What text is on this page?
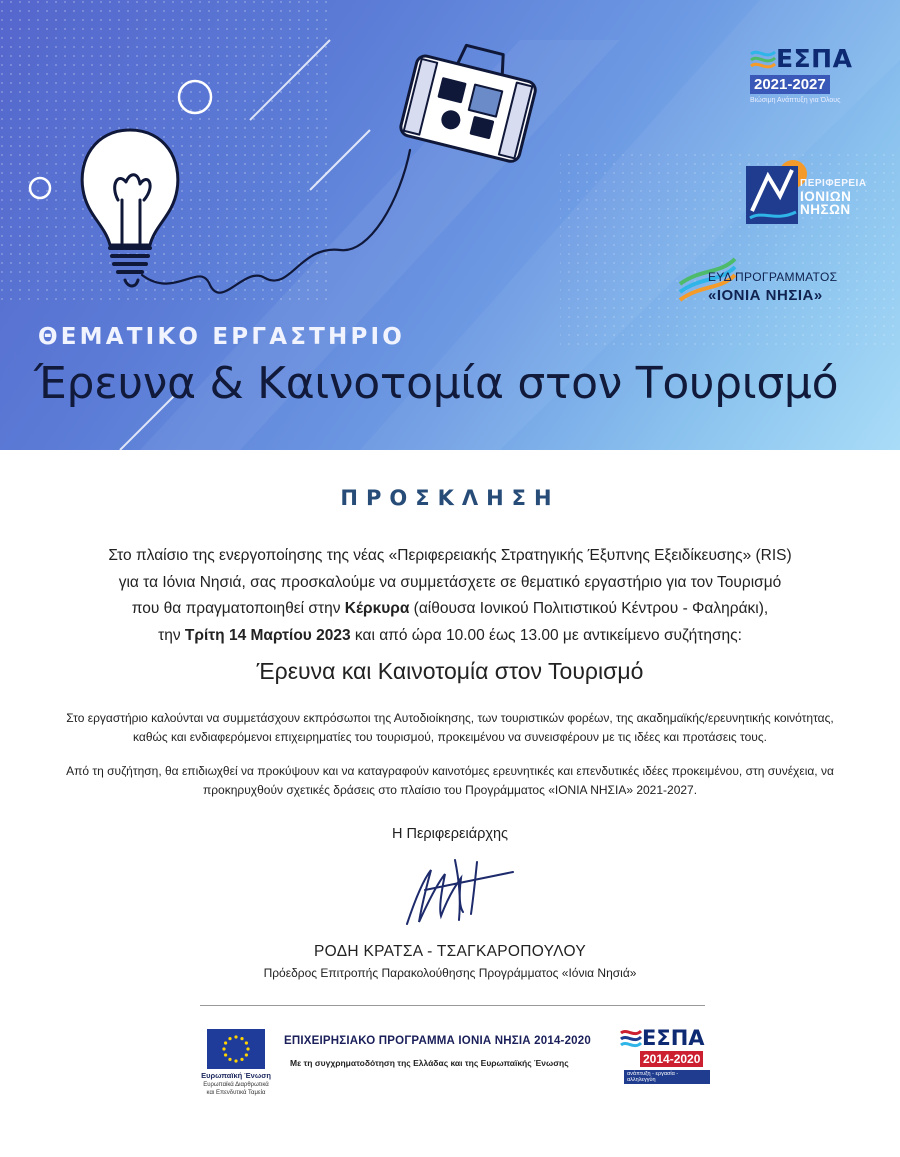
ΕΣΠΑ
2021-2027
Βιώσιμη Ανάπτυξη για Όλους
ΠΕΡΙΦΕΡΕΙΑ
ΙΟΝΙΩΝ
ΝΗΣΩΝ
ΕΥΔ ΠΡΟΓΡΑΜΜΑΤΟΣ
«ΙΟΝΙΑ ΝΗΣΙΑ»
ΘΕΜΑΤΙΚΟ ΕΡΓΑΣΤΗΡΙΟ
Έρευνα & Καινοτομία στον Τουρισμό
ΠΡΟΣΚΛΗΣΗ
Στο πλαίσιο της ενεργοποίησης της νέας «Περιφερειακής Στρατηγικής Έξυπνης Εξειδίκευσης» (RIS)
για τα Ιόνια Νησιά, σας προσκαλούμε να συμμετάσχετε σε θεματικό εργαστήριο για τον Τουρισμό
που θα πραγματοποιηθεί στην Κέρκυρα (αίθουσα Ιονικού Πολιτιστικού Κέντρου - Φαληράκι),
την Τρίτη 14 Μαρτίου 2023 και από ώρα 10.00 έως 13.00 με αντικείμενο συζήτησης:
Έρευνα και Καινοτομία στον Τουρισμό
Στο εργαστήριο καλούνται να συμμετάσχουν εκπρόσωποι της Αυτοδιοίκησης, των τουριστικών φορέων, της ακαδημαϊκής/ερευνητικής κοινότητας, καθώς και ενδιαφερόμενοι επιχειρηματίες του τουρισμού, προκειμένου να συνεισφέρουν με τις ιδέες και προτάσεις τους.
Από τη συζήτηση, θα επιδιωχθεί να προκύψουν και να καταγραφούν καινοτόμες ερευνητικές και επενδυτικές ιδέες προκειμένου, στη συνέχεια, να προκηρυχθούν σχετικές δράσεις στο πλαίσιο του Προγράμματος «ΙΟΝΙΑ ΝΗΣΙΑ» 2021-2027.
Η Περιφερειάρχης
ΡΟΔΗ ΚΡΑΤΣΑ - ΤΣΑΓΚΑΡΟΠΟΥΛΟΥ
Πρόεδρος Επιτροπής Παρακολούθησης Προγράμματος «Ιόνια Νησιά»
Ευρωπαϊκή Ένωση
Ευρωπαϊκά Διαρθρωτικά
και Επενδυτικά Ταμεία
ΕΠΙΧΕΙΡΗΣΙΑΚΟ ΠΡΟΓΡΑΜΜΑ ΙΟΝΙΑ ΝΗΣΙΑ 2014-2020
Με τη συγχρηματοδότηση της Ελλάδας και της Ευρωπαϊκής Ένωσης
ΕΣΠΑ
2014-2020 ανάπτυξη - εργασία - αλληλεγγύη
